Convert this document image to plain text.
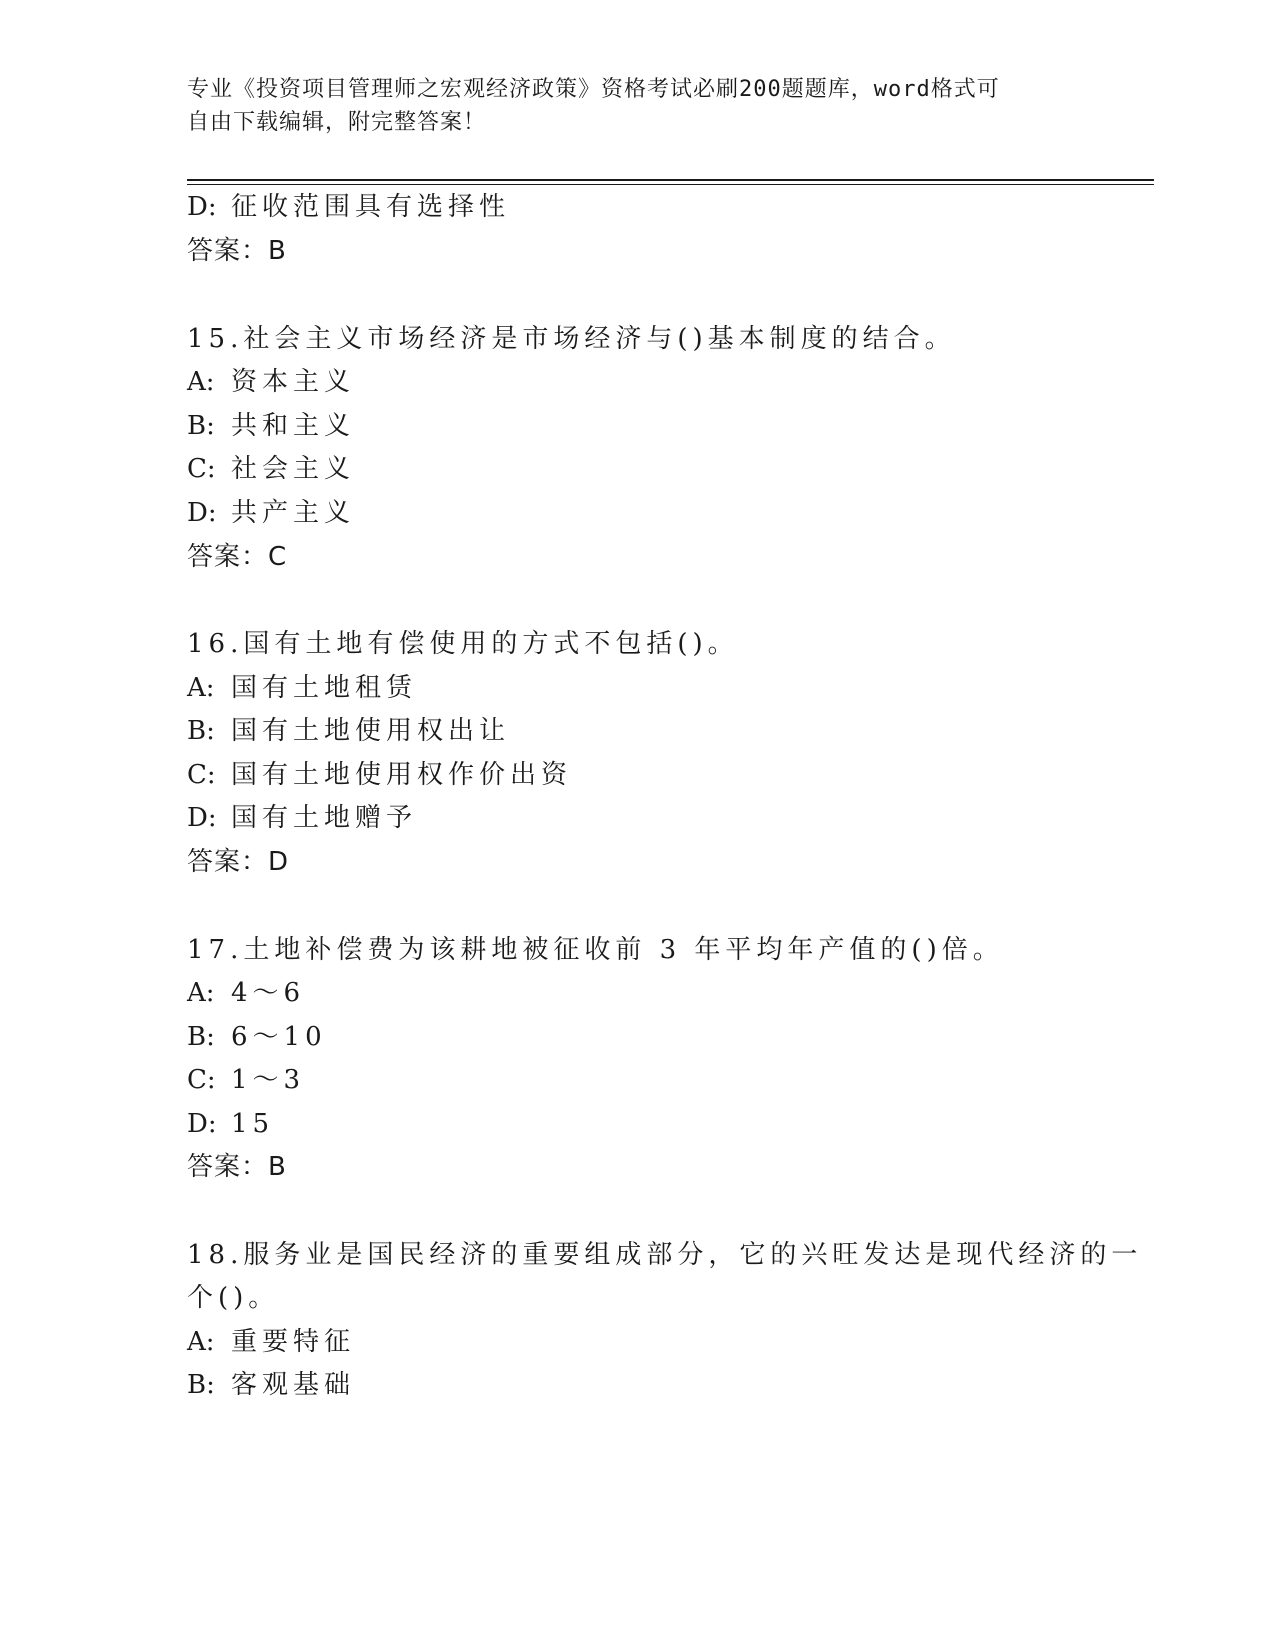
专业《投资项目管理师之宏观经济政策》资格考试必刷200题题库，word格式可
自由下载编辑，附完整答案！
D: 征收范围具有选择性
答案：B
15.社会主义市场经济是市场经济与()基本制度的结合。
A: 资本主义
B: 共和主义
C: 社会主义
D: 共产主义
答案：C
16.国有土地有偿使用的方式不包括()。
A: 国有土地租赁
B: 国有土地使用权出让
C: 国有土地使用权作价出资
D: 国有土地赠予
答案：D
17.土地补偿费为该耕地被征收前 3 年平均年产值的()倍。
A: 4～6
B: 6～10
C: 1～3
D: 15
答案：B
18.服务业是国民经济的重要组成部分，它的兴旺发达是现代经济的一
个()。
A: 重要特征
B: 客观基础
